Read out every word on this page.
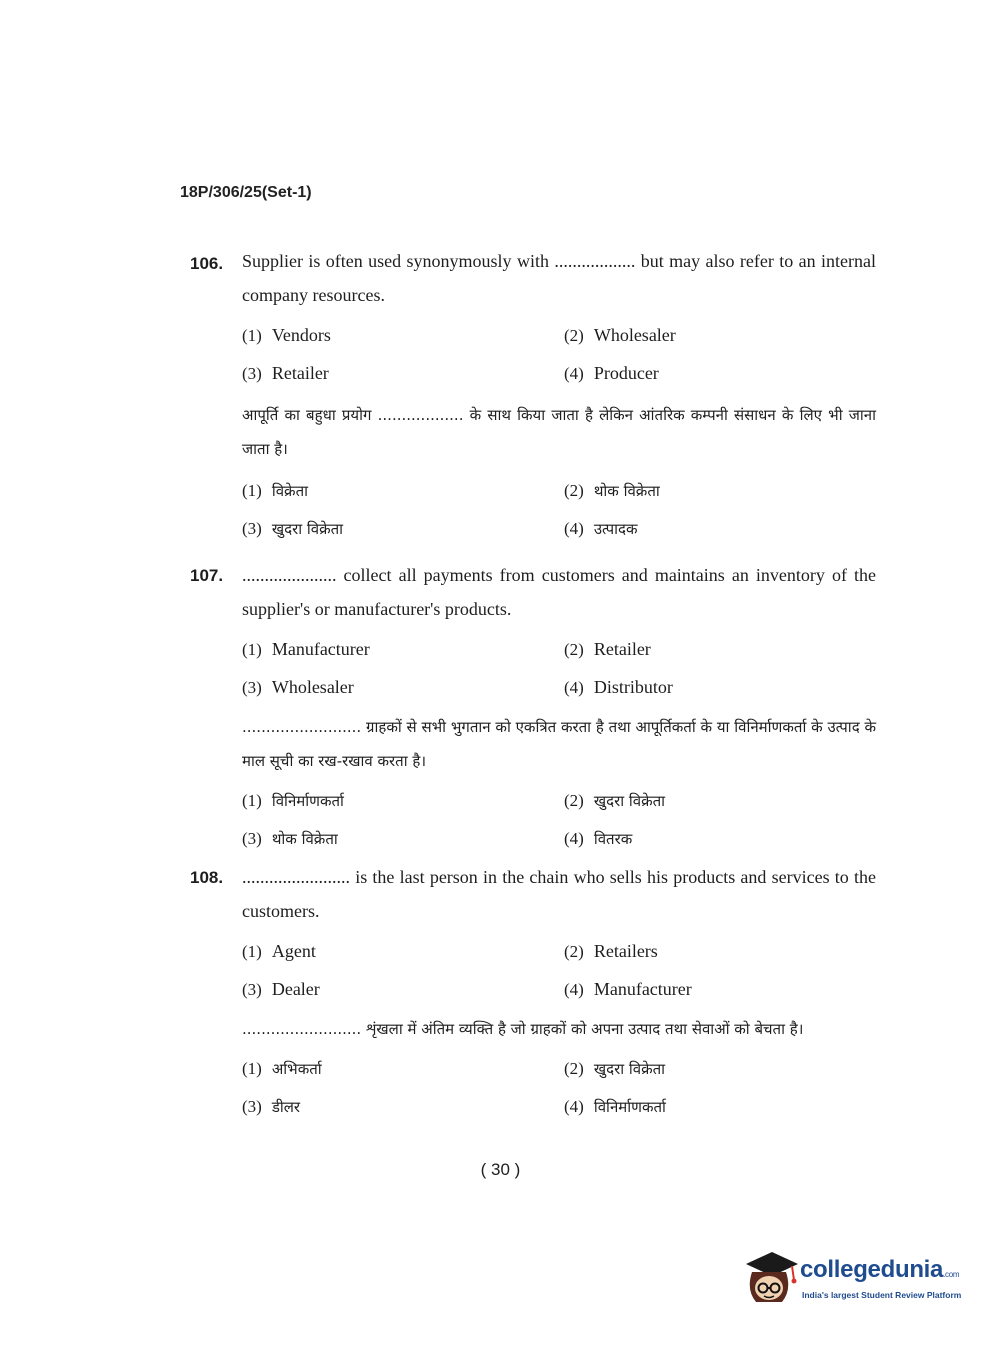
18P/306/25(Set-1)
106. Supplier is often used synonymously with .................. but may also refer to an internal company resources.
(1) Vendors	(2) Wholesaler
(3) Retailer	(4) Producer
आपूर्ति का बहुधा प्रयोग .................. के साथ किया जाता है लेकिन आंतरिक कम्पनी संसाधन के लिए भी जाना जाता है।
(1) विक्रेता	(2) थोक विक्रेता
(3) खुदरा विक्रेता	(4) उत्पादक
107. ..................... collect all payments from customers and maintains an inventory of the supplier's or manufacturer's products.
(1) Manufacturer	(2) Retailer
(3) Wholesaler	(4) Distributor
......................... ग्राहकों से सभी भुगतान को एकत्रित करता है तथा आपूर्तिकर्ता के या विनिर्माणकर्ता के उत्पाद के माल सूची का रख-रखाव करता है।
(1) विनिर्माणकर्ता	(2) खुदरा विक्रेता
(3) थोक विक्रेता	(4) वितरक
108. ........................ is the last person in the chain who sells his products and services to the customers.
(1) Agent	(2) Retailers
(3) Dealer	(4) Manufacturer
......................... शृंखला में अंतिम व्यक्ति है जो ग्राहकों को अपना उत्पाद तथा सेवाओं को बेचता है।
(1) अभिकर्ता	(2) खुदरा विक्रेता
(3) डीलर	(4) विनिर्माणकर्ता
( 30 )
collegedunia.com
India's largest Student Review Platform
